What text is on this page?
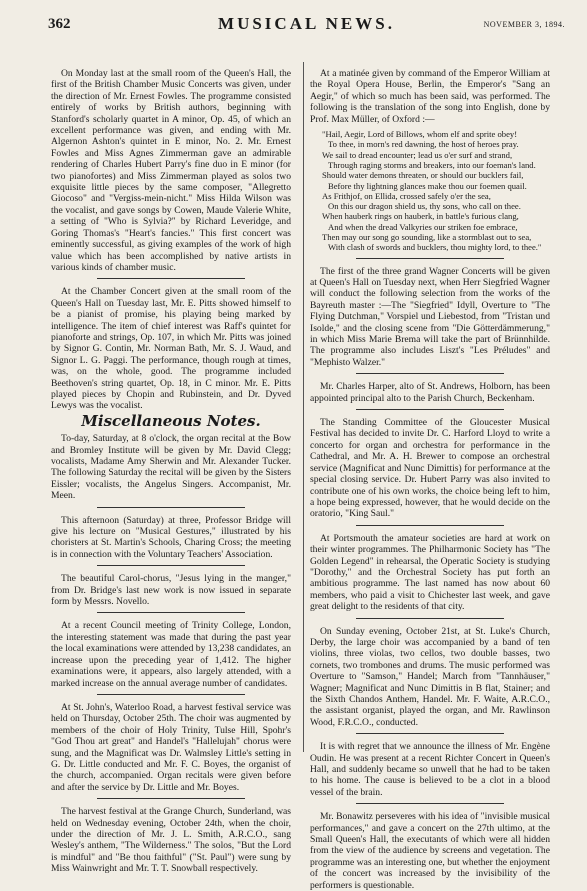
362	MUSICAL NEWS.	NOVEMBER 3, 1894.

On Monday last at the small room of the Queen's Hall, the first of the British Chamber Music Concerts was given, under the direction of Mr. Ernest Fowles. The programme consisted entirely of works by British authors, beginning with Stanford's scholarly quartet in A minor, Op. 45, of which an excellent performance was given, and ending with Mr. Algernon Ashton's quintet in E minor, No. 2. Mr. Ernest Fowles and Miss Agnes Zimmerman gave an admirable rendering of Charles Hubert Parry's fine duo in E minor (for two pianofortes) and Miss Zimmerman played as solos two exquisite little pieces by the same composer, "Allegretto Giocoso" and "Vergiss-mein-nicht." Miss Hilda Wilson was the vocalist, and gave songs by Cowen, Maude Valerie White, a setting of "Who is Sylvia?" by Richard Leveridge, and Goring Thomas's "Heart's fancies." This first concert was eminently successful, as giving examples of the work of high value which has been accomplished by native artists in various kinds of chamber music.

At the Chamber Concert given at the small room of the Queen's Hall on Tuesday last, Mr. E. Pitts showed himself to be a pianist of promise, his playing being marked by intelligence. The item of chief interest was Raff's quintet for pianoforte and strings, Op. 107, in which Mr. Pitts was joined by Signor G. Contin, Mr. Norman Bath, Mr. S. J. Waud, and Signor L. G. Paggi. The performance, though rough at times, was, on the whole, good. The programme included Beethoven's string quartet, Op. 18, in C minor. Mr. E. Pitts played pieces by Chopin and Rubinstein, and Dr. Dyved Lewys was the vocalist.

Miscellaneous Notes.

To-day, Saturday, at 8 o'clock, the organ recital at the Bow and Bromley Institute will be given by Mr. David Clegg; vocalists, Madame Amy Sherwin and Mr. Alexander Tucker. The following Saturday the recital will be given by the Sisters Eissler; vocalists, the Angelus Singers. Accompanist, Mr. Meen.

This afternoon (Saturday) at three, Professor Bridge will give his lecture on "Musical Gestures," illustrated by his choristers at St. Martin's Schools, Charing Cross; the meeting is in connection with the Voluntary Teachers' Association.

The beautiful Carol-chorus, "Jesus lying in the manger," from Dr. Bridge's last new work is now issued in separate form by Messrs. Novello.

At a recent Council meeting of Trinity College, London, the interesting statement was made that during the past year the local examinations were attended by 13,238 candidates, an increase upon the preceding year of 1,412. The higher examinations were, it appears, also largely attended, with a marked increase on the annual average number of candidates.

At St. John's, Waterloo Road, a harvest festival service was held on Thursday, October 25th. The choir was augmented by members of the choir of Holy Trinity, Tulse Hill, Spohr's "God Thou art great" and Handel's "Hallelujah" chorus were sung, and the Magnificat was Dr. Walmsley Little's setting in G. Dr. Little conducted and Mr. F. C. Boyes, the organist of the church, accompanied. Organ recitals were given before and after the service by Dr. Little and Mr. Boyes.

The harvest festival at the Grange Church, Sunderland, was held on Wednesday evening, October 24th, when the choir, under the direction of Mr. J. L. Smith, A.R.C.O., sang Wesley's anthem, "The Wilderness." The solos, "But the Lord is mindful" and "Be thou faithful" ("St. Paul") were sung by Miss Wainwright and Mr. T. T. Snowball respectively.

At a matinée given by command of the Emperor William at the Royal Opera House, Berlin, the Emperor's "Sang an Aegir," of which so much has been said, was performed. The following is the translation of the song into English, done by Prof. Max Müller, of Oxford :—

"Hail, Aegir, Lord of Billows, whom elf and sprite obey!
To thee, in morn's red dawning, the host of heroes pray.
We sail to dread encounter; lead us o'er surf and strand,
Through raging storms and breakers, into our foeman's land.
Should water demons threaten, or should our bucklers fail,
Before thy lightning glances make thou our foemen quail.
As Frithjof, on Ellida, crossed safely o'er the sea,
On this our dragon shield us, thy sons, who call on thee.
When hauberk rings on hauberk, in battle's furious clang,
And when the dread Valkyries our striken foe embrace,
Then may our song go sounding, like a stormblast out to sea,
With clash of swords and bucklers, thou mighty lord, to thee."

The first of the three grand Wagner Concerts will be given at Queen's Hall on Tuesday next, when Herr Siegfried Wagner will conduct the following selection from the works of the Bayreuth master :—The "Siegfried" Idyll, Overture to "The Flying Dutchman," Vorspiel und Liebestod, from "Tristan und Isolde," and the closing scene from "Die Götterdämmerung," in which Miss Marie Brema will take the part of Brünnhilde. The programme also includes Liszt's "Les Préludes" and "Mephisto Walzer."

Mr. Charles Harper, alto of St. Andrews, Holborn, has been appointed principal alto to the Parish Church, Beckenham.

The Standing Committee of the Gloucester Musical Festival has decided to invite Dr. C. Harford Lloyd to write a concerto for organ and orchestra for performance in the Cathedral, and Mr. A. H. Brewer to compose an orchestral service (Magnificat and Nunc Dimittis) for performance at the special closing service. Dr. Hubert Parry was also invited to contribute one of his own works, the choice being left to him, a hope being expressed, however, that he would decide on the oratorio, "King Saul."

At Portsmouth the amateur societies are hard at work on their winter programmes. The Philharmonic Society has "The Golden Legend" in rehearsal, the Operatic Society is studying "Dorothy," and the Orchestral Society has put forth an ambitious programme. The last named has now about 60 members, who paid a visit to Chichester last week, and gave great delight to the residents of that city.

On Sunday evening, October 21st, at St. Luke's Church, Derby, the large choir was accompanied by a band of ten violins, three violas, two cellos, two double basses, two cornets, two trombones and drums. The music performed was Overture to "Samson," Handel; March from "Tannhäuser," Wagner; Magnificat and Nunc Dimittis in B flat, Stainer; and the Sixth Chandos Anthem, Handel. Mr. F. Waite, A.R.C.O., the assistant organist, played the organ, and Mr. Rawlinson Wood, F.R.C.O., conducted.

It is with regret that we announce the illness of Mr. Engène Oudin. He was present at a recent Richter Concert in Queen's Hall, and suddenly became so unwell that he had to be taken to his home. The cause is believed to be a clot in a blood vessel of the brain.

Mr. Bonawitz perseveres with his idea of "invisible musical performances," and gave a concert on the 27th ultimo, at the Small Queen's Hall, the executants of which were all hidden from the view of the audience by screens and vegetation. The programme was an interesting one, but whether the enjoyment of the concert was increased by the invisibility of the performers is questionable.
